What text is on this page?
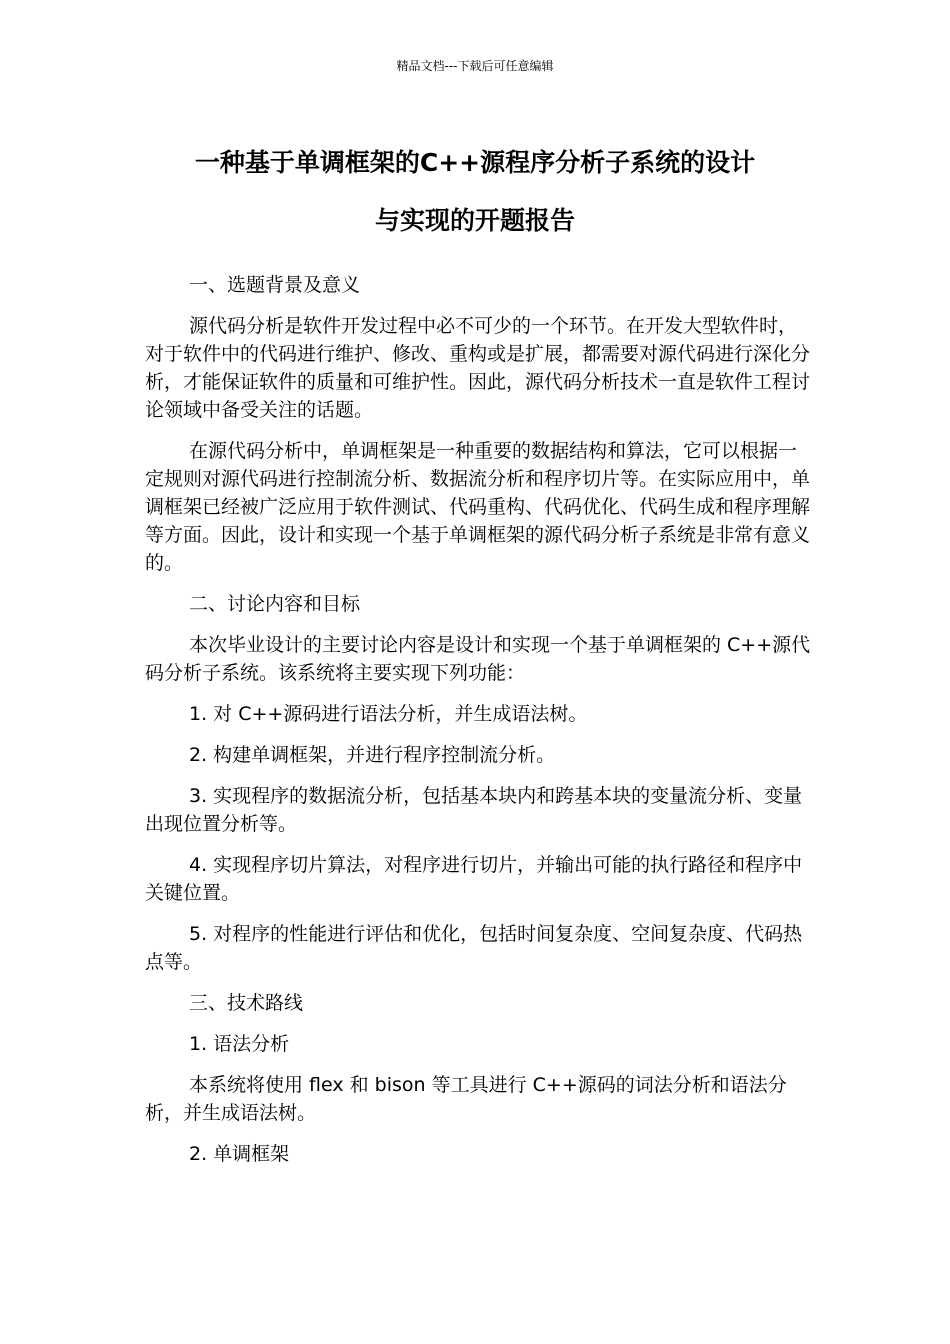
精品文档---下载后可任意编辑
一种基于单调框架的C++源程序分析子系统的设计
与实现的开题报告

一、选题背景及意义

源代码分析是软件开发过程中必不可少的一个环节。在开发大型软件时，对于软件中的代码进行维护、修改、重构或是扩展，都需要对源代码进行深化分析，才能保证软件的质量和可维护性。因此，源代码分析技术一直是软件工程讨论领域中备受关注的话题。

在源代码分析中，单调框架是一种重要的数据结构和算法，它可以根据一定规则对源代码进行控制流分析、数据流分析和程序切片等。在实际应用中，单调框架已经被广泛应用于软件测试、代码重构、代码优化、代码生成和程序理解等方面。因此，设计和实现一个基于单调框架的源代码分析子系统是非常有意义的。

二、讨论内容和目标

本次毕业设计的主要讨论内容是设计和实现一个基于单调框架的 C++源代码分析子系统。该系统将主要实现下列功能：

1. 对 C++源码进行语法分析，并生成语法树。

2. 构建单调框架，并进行程序控制流分析。

3. 实现程序的数据流分析，包括基本块内和跨基本块的变量流分析、变量出现位置分析等。

4. 实现程序切片算法，对程序进行切片，并输出可能的执行路径和程序中关键位置。

5. 对程序的性能进行评估和优化，包括时间复杂度、空间复杂度、代码热点等。

三、技术路线

1. 语法分析

本系统将使用 flex 和 bison 等工具进行 C++源码的词法分析和语法分析，并生成语法树。

2. 单调框架
